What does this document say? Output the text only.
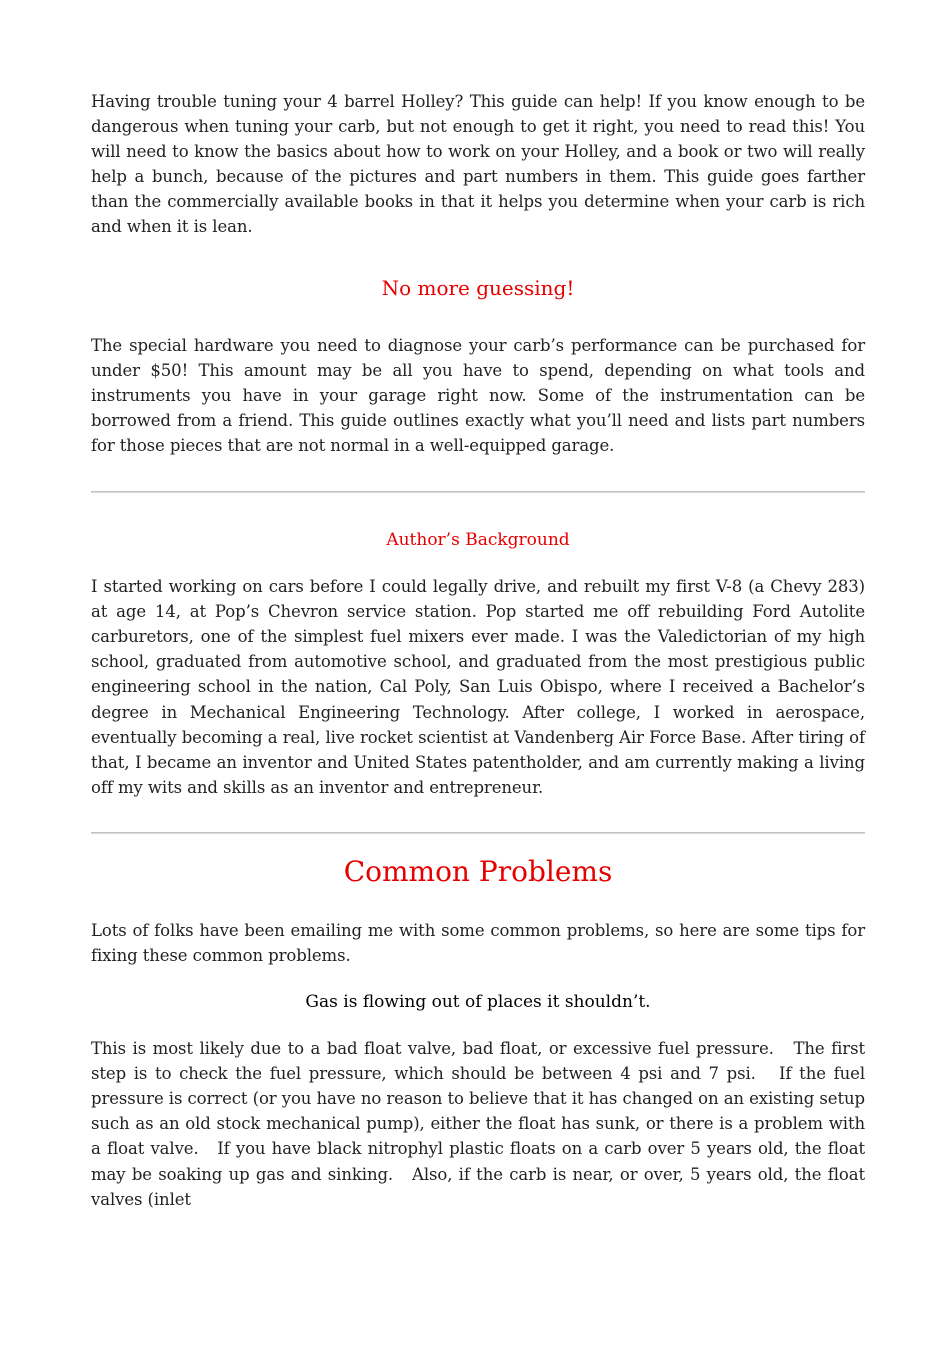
Having trouble tuning your 4 barrel Holley? This guide can help! If you know enough to be dangerous when tuning your carb, but not enough to get it right, you need to read this! You will need to know the basics about how to work on your Holley, and a book or two will really help a bunch, because of the pictures and part numbers in them. This guide goes farther than the commercially available books in that it helps you determine when your carb is rich and when it is lean.

No more guessing!

The special hardware you need to diagnose your carb’s performance can be purchased for under $50! This amount may be all you have to spend, depending on what tools and instruments you have in your garage right now. Some of the instrumentation can be borrowed from a friend. This guide outlines exactly what you’ll need and lists part numbers for those pieces that are not normal in a well-equipped garage.

Author’s Background

I started working on cars before I could legally drive, and rebuilt my first V-8 (a Chevy 283) at age 14, at Pop’s Chevron service station. Pop started me off rebuilding Ford Autolite carburetors, one of the simplest fuel mixers ever made. I was the Valedictorian of my high school, graduated from automotive school, and graduated from the most prestigious public engineering school in the nation, Cal Poly, San Luis Obispo, where I received a Bachelor’s degree in Mechanical Engineering Technology. After college, I worked in aerospace, eventually becoming a real, live rocket scientist at Vandenberg Air Force Base. After tiring of that, I became an inventor and United States patentholder, and am currently making a living off my wits and skills as an inventor and entrepreneur.

Common Problems

Lots of folks have been emailing me with some common problems, so here are some tips for fixing these common problems.

Gas is flowing out of places it shouldn’t.

This is most likely due to a bad float valve, bad float, or excessive fuel pressure.   The first step is to check the fuel pressure, which should be between 4 psi and 7 psi.   If the fuel pressure is correct (or you have no reason to believe that it has changed on an existing setup such as an old stock mechanical pump), either the float has sunk, or there is a problem with a float valve.   If you have black nitrophyl plastic floats on a carb over 5 years old, the float may be soaking up gas and sinking.   Also, if the carb is near, or over, 5 years old, the float valves (inlet
